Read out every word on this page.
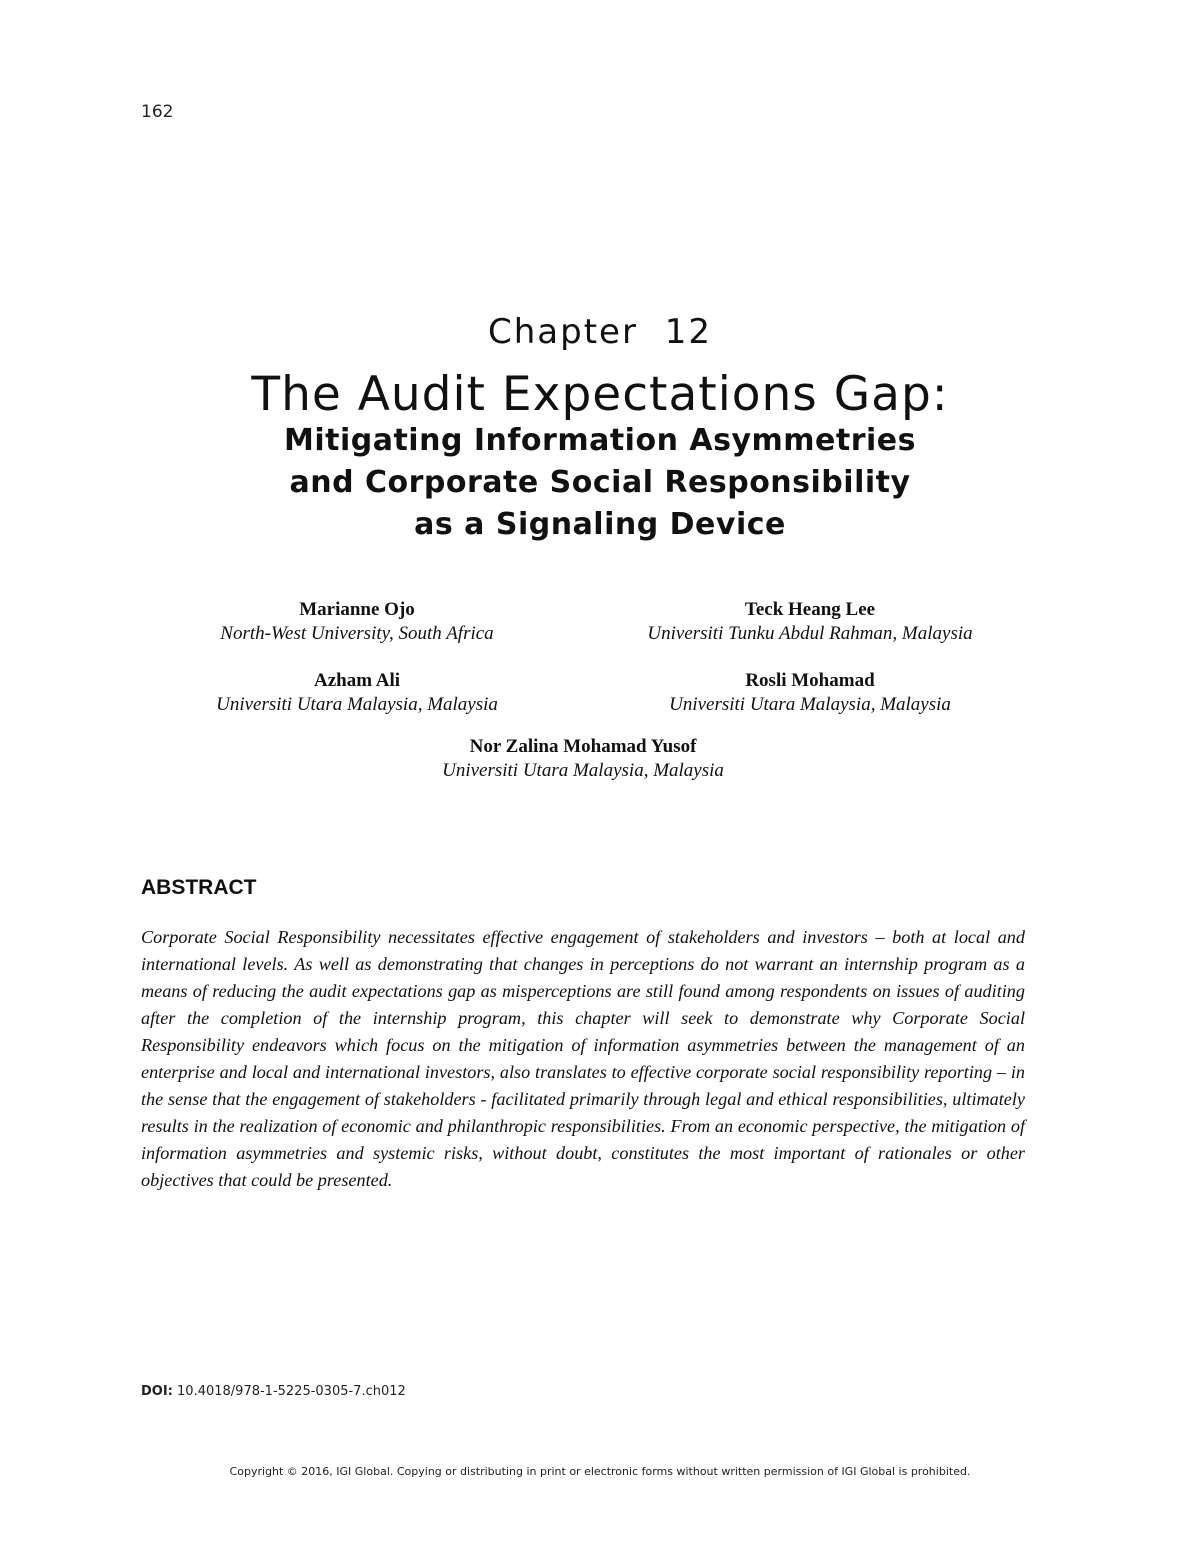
162
Chapter 12
The Audit Expectations Gap:
Mitigating Information Asymmetries
and Corporate Social Responsibility
as a Signaling Device
Marianne Ojo
North-West University, South Africa
Teck Heang Lee
Universiti Tunku Abdul Rahman, Malaysia
Azham Ali
Universiti Utara Malaysia, Malaysia
Rosli Mohamad
Universiti Utara Malaysia, Malaysia
Nor Zalina Mohamad Yusof
Universiti Utara Malaysia, Malaysia
ABSTRACT

Corporate Social Responsibility necessitates effective engagement of stakeholders and investors – both at local and international levels. As well as demonstrating that changes in perceptions do not warrant an internship program as a means of reducing the audit expectations gap as misperceptions are still found among respondents on issues of auditing after the completion of the internship program, this chapter will seek to demonstrate why Corporate Social Responsibility endeavors which focus on the mitigation of information asymmetries between the management of an enterprise and local and international investors, also translates to effective corporate social responsibility reporting – in the sense that the engagement of stakeholders - facilitated primarily through legal and ethical responsibilities, ultimately results in the realization of economic and philanthropic responsibilities. From an economic perspective, the mitigation of information asymmetries and systemic risks, without doubt, constitutes the most important of rationales or other objectives that could be presented.

DOI: 10.4018/978-1-5225-0305-7.ch012
Copyright © 2016, IGI Global. Copying or distributing in print or electronic forms without written permission of IGI Global is prohibited.
